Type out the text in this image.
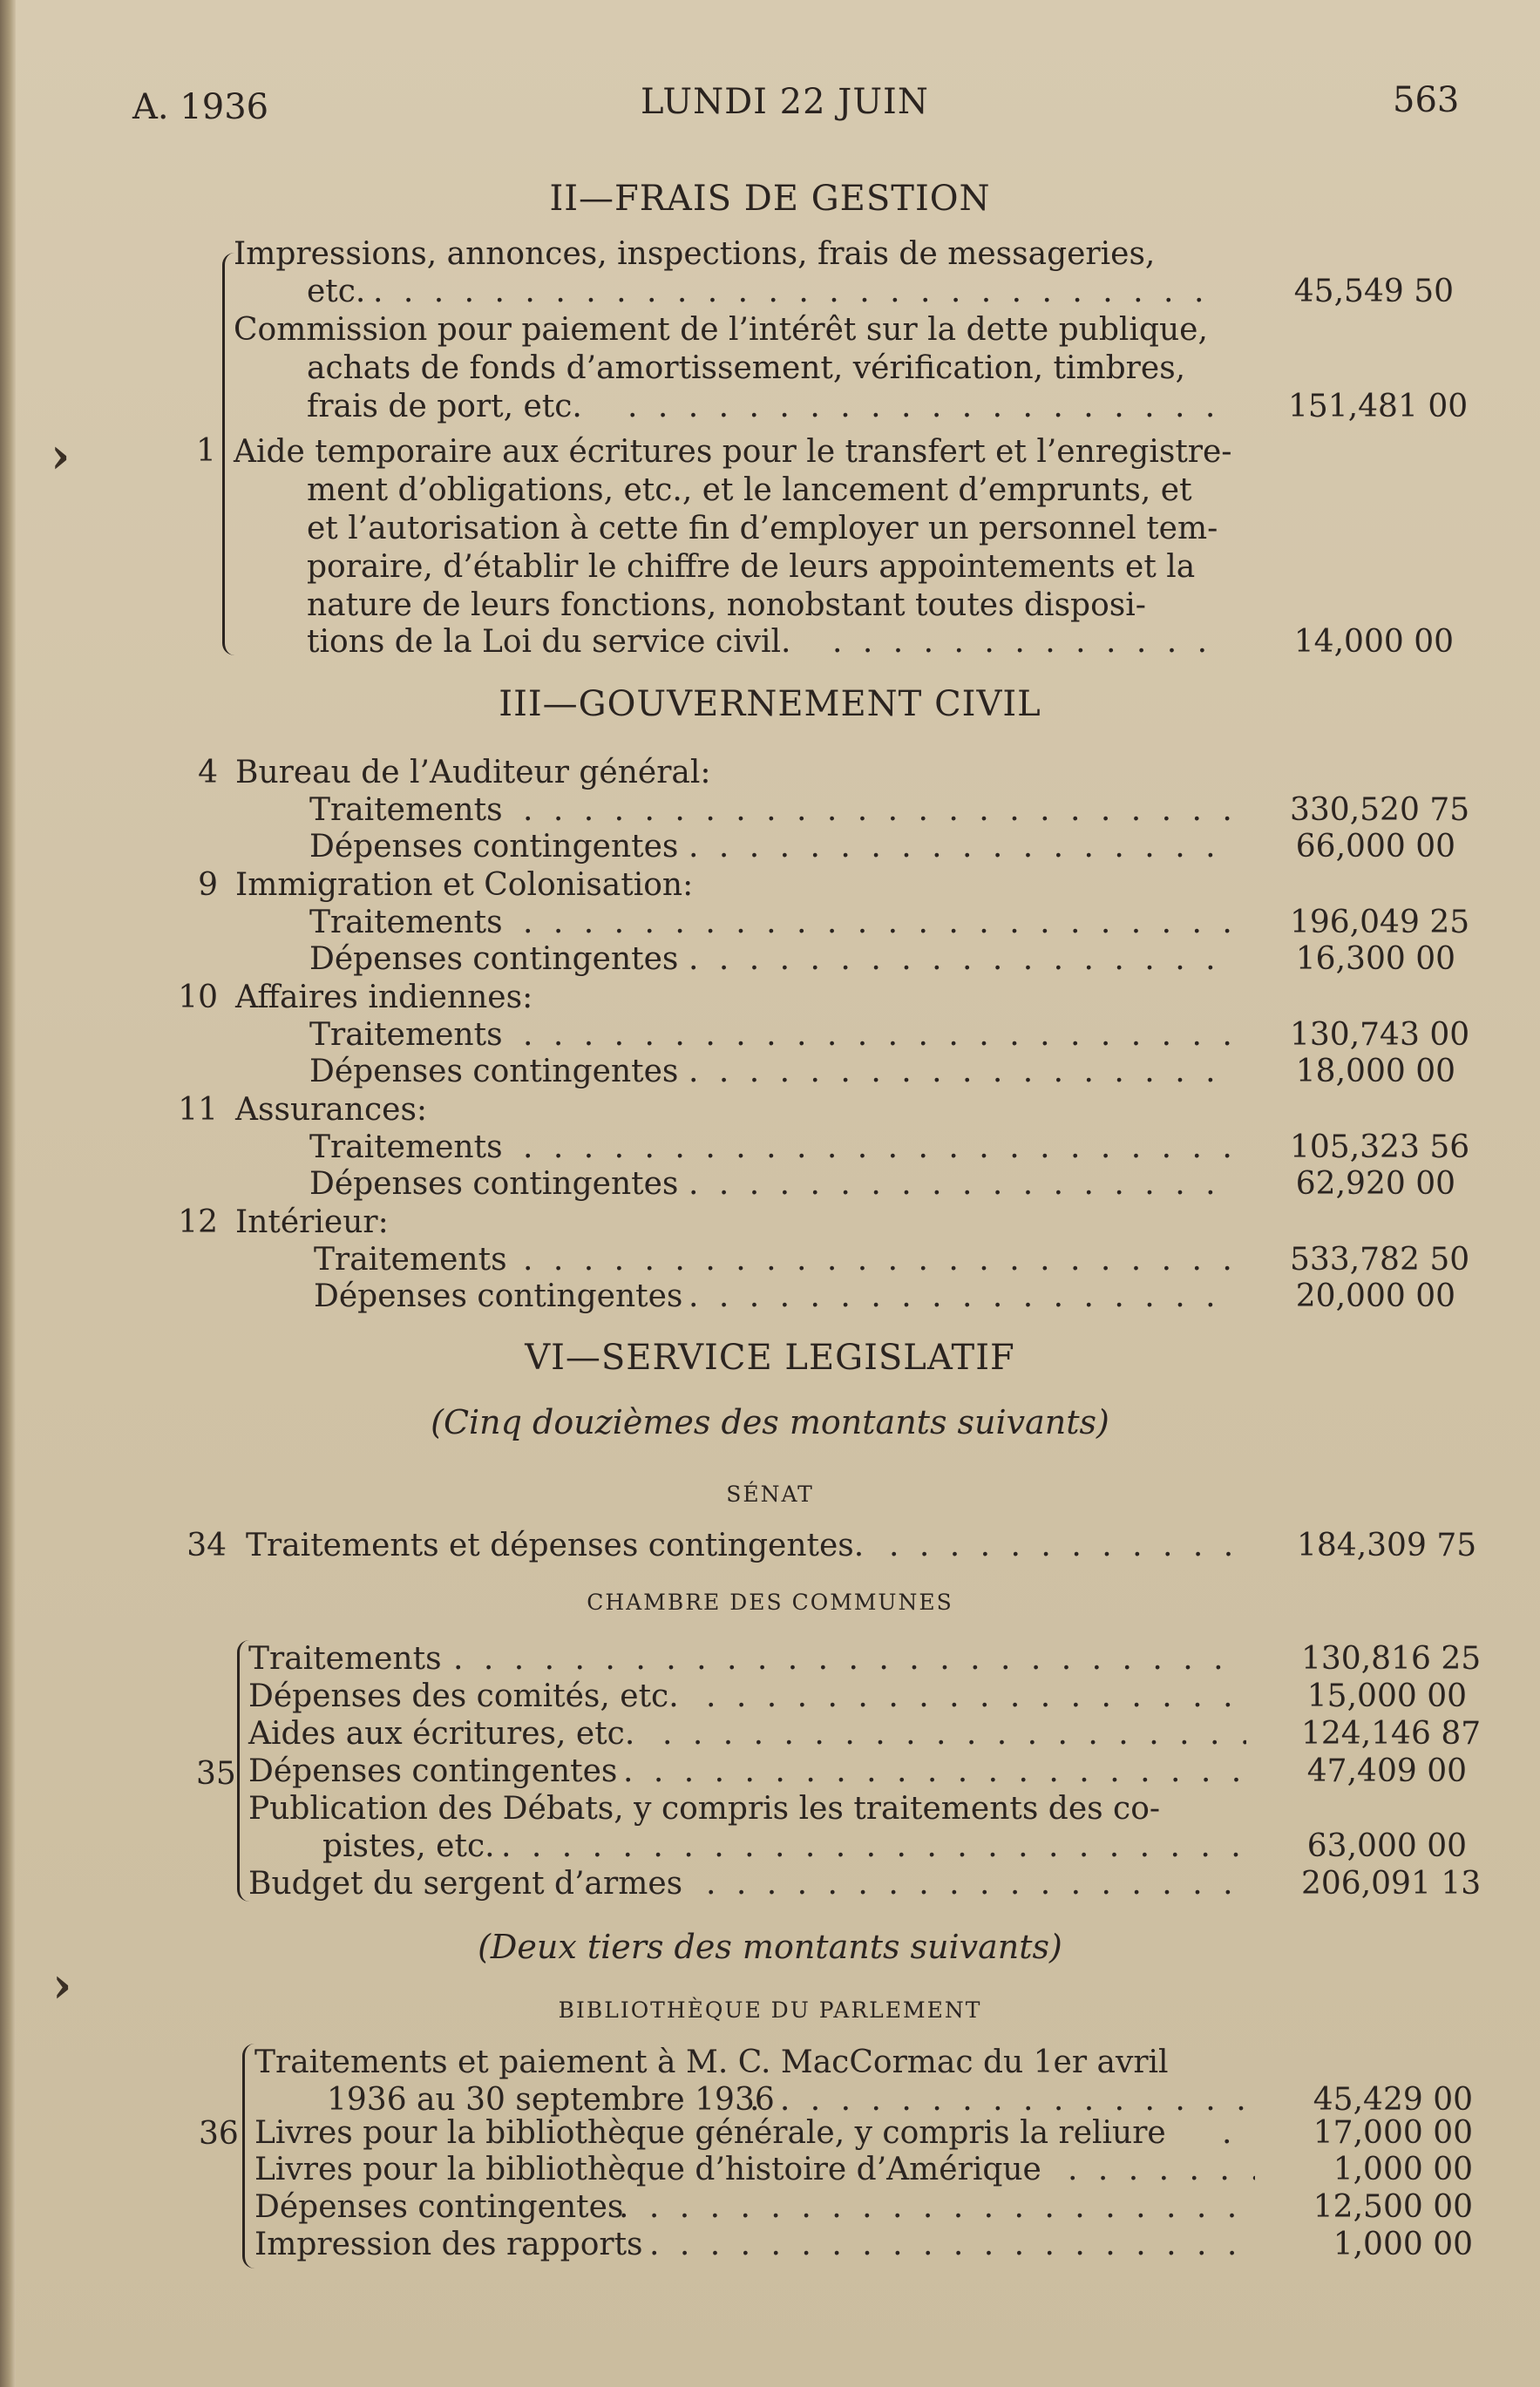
A. 1936	LUNDI 22 JUIN	563
II—FRAIS DE GESTION
1
›
Impressions, annonces, inspections, frais de messageries,
etc. . . .	45,549 50
Commission pour paiement de l’intérêt sur la dette publique,
achats de fonds d’amortissement, vérification, timbres,
frais de port, etc. . . .	151,481 00
Aide temporaire aux écritures pour le transfert et l’enregistre-
ment d’obligations, etc., et le lancement d’emprunts, et
et l’autorisation à cette fin d’employer un personnel tem-
poraire, d’établir le chiffre de leurs appointements et la
nature de leurs fonctions, nonobstant toutes disposi-
tions de la Loi du service civil. . . .	14,000 00
III—GOUVERNEMENT CIVIL
4 Bureau de l’Auditeur général:
Traitements . . .	330,520 75
Dépenses contingentes . . .	66,000 00
9 Immigration et Colonisation:
Traitements . . .	196,049 25
Dépenses contingentes . . .	16,300 00
10 Affaires indiennes:
Traitements . . .	130,743 00
Dépenses contingentes . . .	18,000 00
11 Assurances:
Traitements . . .	105,323 56
Dépenses contingentes . . .	62,920 00
12 Intérieur:
Traitements . . .	533,782 50
Dépenses contingentes . . .	20,000 00
VI—SERVICE LEGISLATIF
(Cinq douzièmes des montants suivants)
SÉNAT
34 Traitements et dépenses contingentes. . . .	184,309 75
CHAMBRE DES COMMUNES
35
Traitements . . .	130,816 25
Dépenses des comités, etc. . . .	15,000 00
Aides aux écritures, etc. . . .	124,146 87
Dépenses contingentes . . .	47,409 00
Publication des Débats, y compris les traitements des co-
pistes, etc. . . .	63,000 00
Budget du sergent d’armes . . .	206,091 13
(Deux tiers des montants suivants)
›	BIBLIOTHÈQUE DU PARLEMENT
36
Traitements et paiement à M. C. MacCormac du 1er avril
1936 au 30 septembre 1936 . . .	45,429 00
Livres pour la bibliothèque générale, y compris la reliure . . .	17,000 00
Livres pour la bibliothèque d’histoire d’Amérique . . .	1,000 00
Dépenses contingentes . . .	12,500 00
Impression des rapports . . .	1,000 00
